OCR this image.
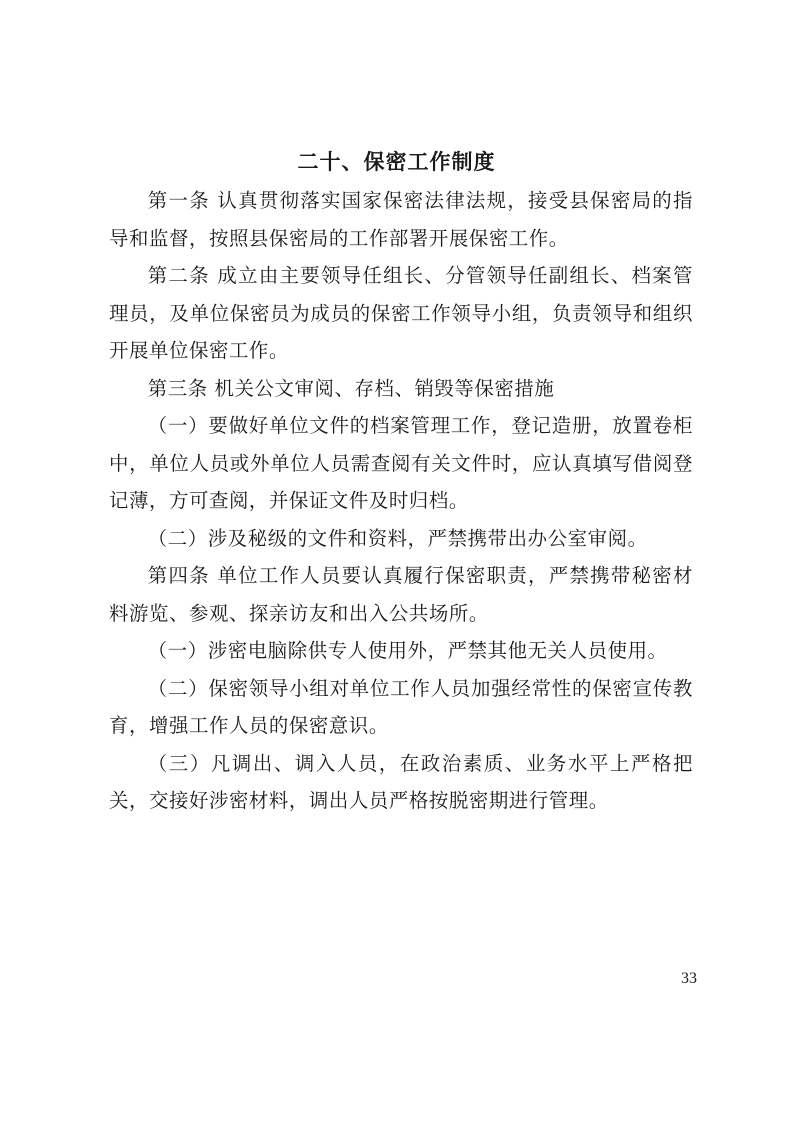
二十、保密工作制度

第一条 认真贯彻落实国家保密法律法规，接受县保密局的指导和监督，按照县保密局的工作部署开展保密工作。

第二条 成立由主要领导任组长、分管领导任副组长、档案管理员，及单位保密员为成员的保密工作领导小组，负责领导和组织开展单位保密工作。

第三条 机关公文审阅、存档、销毁等保密措施

（一）要做好单位文件的档案管理工作，登记造册，放置卷柜中，单位人员或外单位人员需查阅有关文件时，应认真填写借阅登记薄，方可查阅，并保证文件及时归档。

（二）涉及秘级的文件和资料，严禁携带出办公室审阅。

第四条 单位工作人员要认真履行保密职责，严禁携带秘密材料游览、参观、探亲访友和出入公共场所。

（一）涉密电脑除供专人使用外，严禁其他无关人员使用。

（二）保密领导小组对单位工作人员加强经常性的保密宣传教育，增强工作人员的保密意识。

（三）凡调出、调入人员，在政治素质、业务水平上严格把关，交接好涉密材料，调出人员严格按脱密期进行管理。

33
